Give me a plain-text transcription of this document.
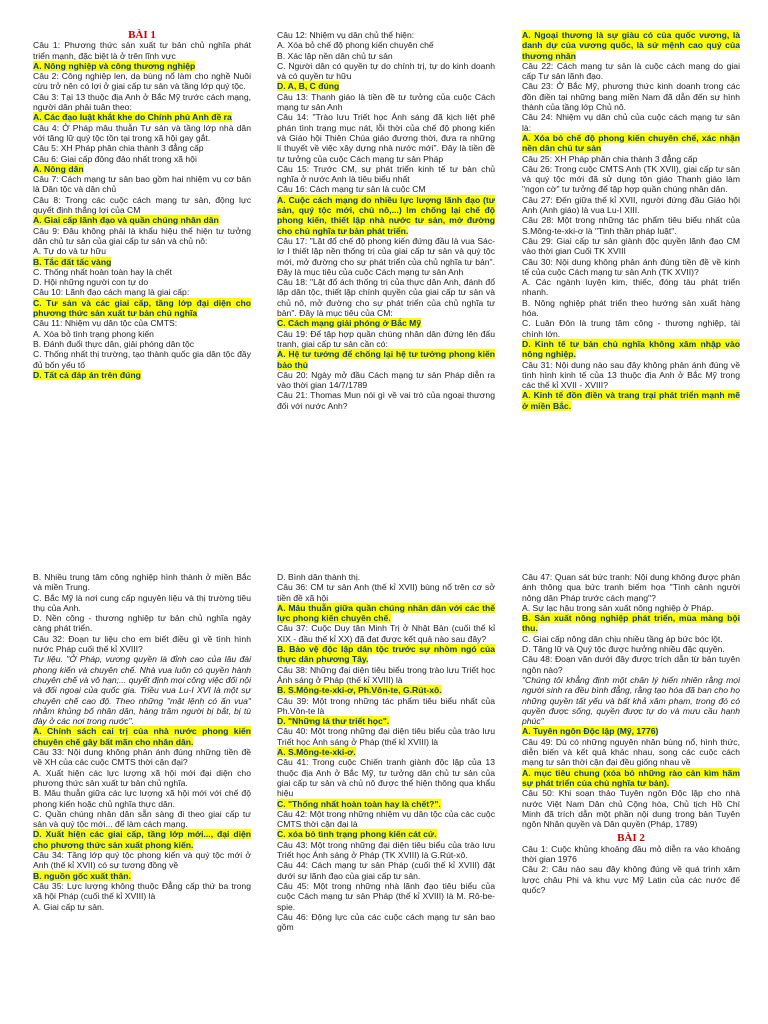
BÀI 1

Câu 1: Phương thức sản xuất tư bản chủ nghĩa phát triển mạnh, đặc biệt là ở trên lĩnh vực

A. Nông nghiệp và công thương nghiệp

Câu 2: Công nghiệp len, dạ bùng nổ làm cho nghề Nuôi cừu trở nên có lợi ở giai cấp tư sản và tầng lớp quý tộc.

Câu 3: Tại 13 thuộc địa Anh ở Bắc Mỹ trước cách mạng, người dân phải tuân theo:

A. Các đạo luật khắt khe do Chính phủ Anh đề ra

Câu 4: Ở Pháp mâu thuẫn Tư sản và tầng lớp nhà dân với tăng lữ quý tộc tồn tại trong xã hội gay gắt.

Câu 5: XH Pháp phân chia thành 3 đẳng cấp

Câu 6: Giai cấp đông đảo nhất trong xã hội

A. Nông dân

Câu 7: Cách mạng tư sản bao gồm hai nhiệm vụ cơ bản là Dân tộc và dân chủ

Câu 8: Trong các cuộc cách mạng tư sản, động lực quyết định thắng lợi của CM

A. Giai cấp lãnh đạo và quần chúng nhân dân

Câu 9: Đâu không phải là khẩu hiệu thể hiện tư tưởng dân chủ tư sản của giai cấp tư sản và chủ nô:

A. Tự do và tư hữu

B. Tắc đất tấc vàng

C. Thống nhất hoàn toàn hay là chết

D. Hội những người con tự do

Câu 10: Lãnh đạo cách mạng là giai cấp:

C. Tư sản và các giai cấp, tầng lớp đại diện cho phương thức sản xuất tư bản chủ nghĩa

Câu 11: Nhiệm vụ dân tộc của CMTS:

A. Xóa bỏ tình trạng phong kiến

B. Đánh đuổi thực dân, giải phóng dân tộc

C. Thống nhất thị trường, tạo thành quốc gia dân tộc đầy đủ bốn yếu tố

D. Tất cả đáp án trên đúng

Câu 12: Nhiệm vụ dân chủ thể hiện:

A. Xóa bỏ chế độ phong kiến chuyên chế

B. Xác lập nền dân chủ tư sản

C. Người dân có quyền tự do chính trị, tự do kinh doanh và có quyền tư hữu

D. A, B, C đúng

Câu 13: Thanh giáo là tiền đề tư tưởng của cuộc Cách mạng tư sản Anh

Câu 14: "Trào lưu Triết học Ánh sáng đã kịch liệt phê phán tình trạng mục nát, lỗi thời của chế độ phong kiến và Giáo hội Thiên Chúa giáo đương thời, đưa ra những lí thuyết về việc xây dựng nhà nước mới". Đây là tiền đề tư tưởng của cuộc Cách mạng tư sản Pháp

Câu 15: Trước CM, sự phát triển kinh tế tư bản chủ nghĩa ở nước Anh là tiêu biểu nhất

Câu 16: Cách mạng tư sản là cuộc CM

A. Cuộc cách mạng do nhiều lực lượng lãnh đạo (tư sản, quý tộc mới, chủ nô,...) lm chống lại chế độ phong kiến, thiết lập nhà nước tư sản, mở đường cho chủ nghĩa tư bản phát triển.

Câu 17: "Lật đổ chế độ phong kiến đứng đầu là vua Sác- lơ I thiết lập nền thống trị của giai cấp tư sản và quý tộc mới, mở đường cho sự phát triển của chủ nghĩa tư bản". Đây là mục tiêu của cuộc Cách mạng tư sản Anh

Câu 18: "Lật đổ ách thống trị của thực dân Anh, đánh đổ lập dân tộc, thiết lập chính quyền của giai cấp tư sản và chủ nô, mở đường cho sự phát triển của chủ nghĩa tư bản". Đây là mục tiêu của CM:

C. Cách mạng giải phóng ở Bắc Mỹ

Câu 19: Để tập hợp quần chúng nhân dân đứng lên đấu tranh, giai cấp tư sản cần có:

A. Hệ tư tưởng để chống lại hệ tư tưởng phong kiến bảo thủ

Câu 20: Ngày mở đầu Cách mạng tư sản Pháp diễn ra vào thời gian 14/7/1789

Câu 21: Thomas Mun nói gì về vai trò của ngoại thương đối với nước Anh?

A. Ngoại thương là sự giàu có của quốc vương, là danh dự của vương quốc, là sứ mệnh cao quý của thương nhân

Câu 22: Cách mạng tư sản là cuộc cách mạng do giai cấp Tư sản lãnh đạo.

Câu 23: Ở Bắc Mỹ, phương thức kinh doanh trong các đồn điền tại những bang miền Nam đã dẫn đến sự hình thành của tầng lớp Chủ nô.

Câu 24: Nhiệm vụ dân chủ của cuộc cách mạng tư sản là:

A. Xóa bỏ chế độ phong kiến chuyên chế, xác nhận nền dân chủ tư sản

Câu 25: XH Pháp phân chia thành 3 đẳng cấp

Câu 26: Trong cuộc CMTS Anh (TK XVII), giai cấp tư sản và quý tộc mới đã sử dụng tôn giáo Thanh giáo làm "ngọn cờ" tư tưởng để tập hợp quần chúng nhân dân.

Câu 27: Đến giữa thế kỉ XVII, người đứng đầu Giáo hội Anh (Anh giáo) là vua Lu-I XIII.

Câu 28: Một trong những tác phẩm tiêu biểu nhất của S.Mông-te-xki-ơ là "Tinh thần pháp luật".

Câu 29: Giai cấp tư sản giành độc quyền lãnh đạo CM vào thời gian Cuối TK XVIII

Câu 30: Nội dung không phản ánh đúng tiền đề về kinh tế của cuộc Cách mạng tư sản Anh (TK XVII)?

A. Các ngành luyện kim, thiếc, đóng tàu phát triển nhanh.

B. Nông nghiệp phát triển theo hướng sản xuất hàng hóa.

C. Luân Đôn là trung tâm công - thương nghiệp, tài chính lớn.

D. Kinh tế tư bản chủ nghĩa không xâm nhập vào nông nghiệp.

Câu 31: Nội dung nào sau đây không phản ánh đúng về tình hình kinh tế của 13 thuộc địa Anh ở Bắc Mỹ trong các thế kỉ XVII - XVIII?

A. Kinh tế đồn điền và trang trại phát triển mạnh mẽ ở miền Bắc.

B. Nhiều trung tâm công nghiệp hình thành ở miền Bắc và miền Trung.

C. Bắc Mỹ là nơi cung cấp nguyên liệu và thị trường tiêu thụ của Anh.

D. Nền công - thương nghiệp tư bản chủ nghĩa ngày càng phát triển.

Câu 32: Đoạn tư liệu cho em biết điều gì về tình hình nước Pháp cuối thế kỉ XVIII?

Tư liệu. "Ở Pháp, vương quyền là đỉnh cao của lâu đài phong kiến và chuyên chế. Nhà vua luôn có quyền hành chuyên chế và vô hạn;... quyết định mọi công việc đối nội và đối ngoại của quốc gia. Triều vua Lu-I XVI là một sự chuyên chế cao độ. Theo những "mật lệnh có ấn vua" nhằm khủng bố nhân dân, hàng trăm người bị bắt, bị tù đày ở các nơi trong nước".

A. Chính sách cai trị của nhà nước phong kiến chuyên chế gây bất mãn cho nhân dân.

Câu 33: Nội dung không phản ánh đúng những tiền đề về XH của các cuộc CMTS thời cận đại?

A. Xuất hiện các lực lượng xã hội mới đại diện cho phương thức sản xuất tư bản chủ nghĩa.

B. Mâu thuẫn giữa các lực lượng xã hội mới với chế độ phong kiến hoặc chủ nghĩa thực dân.

C. Quần chúng nhân dân sẵn sàng đi theo giai cấp tư sản và quý tộc mới... để làm cách mạng.

D. Xuất hiện các giai cấp, tầng lớp mới..., đại diện cho phương thức sản xuất phong kiến.

Câu 34: Tầng lớp quý tộc phong kiến và quý tộc mới ở Anh (thế kỉ XVII) có sự tương đồng về

B. nguồn gốc xuất thân.

Câu 35: Lực lượng không thuộc Đẳng cấp thứ ba trong xã hội Pháp (cuối thế kỉ XVIII) là

A. Giai cấp tư sản.

D. Bình dân thành thị.

Câu 36: CM tư sản Anh (thế kỉ XVII) bùng nổ trên cơ sở tiền đề xã hội

A. Mâu thuẫn giữa quần chúng nhân dân với các thế lực phong kiến chuyên chế.

Câu 37: Cuộc Duy tân Minh Trị ở Nhật Bản (cuối thế kỉ XIX - đầu thế kỉ XX) đã đạt được kết quả nào sau đây?

B. Bảo vệ độc lập dân tộc trước sự nhòm ngó của thực dân phương Tây.

Câu 38: Những đại diện tiêu biểu trong trào lưu Triết học Ánh sáng ở Pháp (thế kỉ XVIII) là

B. S.Mông-te-xki-ơ, Ph.Vôn-te, G.Rút-xô.

Câu 39: Một trong những tác phẩm tiêu biểu nhất của Ph.Vôn-te là

D. "Những lá thư triết học".

Câu 40: Một trong những đại diện tiêu biểu của trào lưu Triết học Ánh sáng ở Pháp (thế kỉ XVIII) là

A. S.Mông-te-xki-ơ.

Câu 41: Trong cuộc Chiến tranh giành độc lập của 13 thuộc địa Anh ở Bắc Mỹ, tư tưởng dân chủ tư sản của giai cấp tư sản và chủ nô được thể hiện thông qua khẩu hiệu

C. "Thống nhất hoàn toàn hay là chết?".

Câu 42: Một trong những nhiệm vụ dân tộc của các cuộc CMTS thời cận đại là

C. xóa bỏ tình trạng phong kiến cát cứ.

Câu 43: Một trong những đại diện tiêu biểu của trào lưu Triết học Ánh sáng ở Pháp (TK XVIII) là G.Rút-xô.

Câu 44: Cách mạng tư sản Pháp (cuối thế kỉ XVIII) đặt dưới sự lãnh đạo của giai cấp tư sản.

Câu 45: Một trong những nhà lãnh đạo tiêu biểu của cuộc Cách mạng tư sản Pháp (thế kỉ XVIII) là M. Rô-be-spie.

Câu 46: Động lực của các cuộc cách mạng tư sản bao gồm

Câu 47: Quan sát bức tranh: Nội dung không được phản ánh thông qua bức tranh biếm họa "Tình cảnh người nông dân Pháp trước cách mạng"?

A. Sự lạc hậu trong sản xuất nông nghiệp ở Pháp.

B. Sản xuất nông nghiệp phát triển, mùa màng bội thu.

C. Giai cấp nông dân chịu nhiều tầng áp bức bóc lột.

D. Tăng lữ và Quý tộc được hưởng nhiều đặc quyền.

Câu 48: Đoạn văn dưới đây được trích dẫn từ bản tuyên ngôn nào?

"Chúng tôi khẳng định một chân lý hiển nhiên rằng mọi người sinh ra đều bình đẳng, rằng tạo hóa đã ban cho họ những quyền tất yếu và bất khả xâm phạm, trong đó có quyền được sống, quyền được tự do và mưu cầu hạnh phúc"

A. Tuyên ngôn Độc lập (Mỹ, 1776)

Câu 49: Dù có những nguyên nhân bùng nổ, hình thức, diễn biến và kết quả khác nhau, song các cuộc cách mạng tư sản thời cận đại đều giống nhau về

A. mục tiêu chung (xóa bỏ những rào cản kìm hãm sự phát triển của chủ nghĩa tư bản).

Câu 50: Khi soạn thảo Tuyên ngôn Độc lập cho nhà nước Việt Nam Dân chủ Cộng hòa, Chủ tịch Hồ Chí Minh đã trích dẫn một phần nội dung trong bản Tuyên ngôn Nhân quyền và Dân quyền (Pháp, 1789)

BÀI 2

Câu 1: Cuộc khủng khoảng đầu mỏ diễn ra vào khoảng thời gian 1976

Câu 2: Câu nào sau đây không đúng về quá trình xâm lược châu Phi và khu vực Mỹ Latin của các nước đế quốc?
